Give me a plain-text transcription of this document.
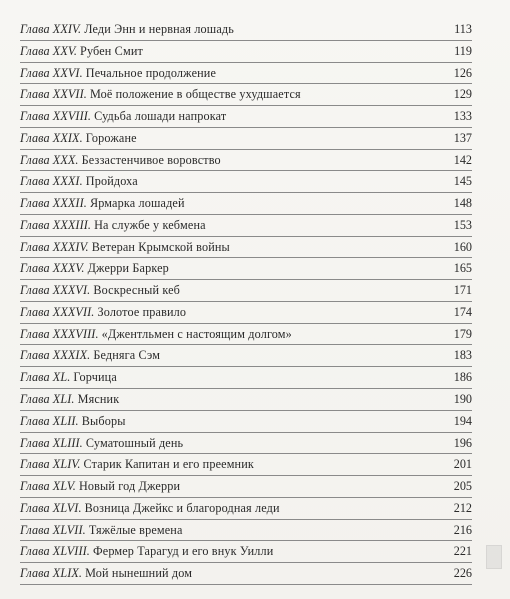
Глава XXIV. Леди Энн и нервная лошадь	113
Глава XXV. Рубен Смит	119
Глава XXVI. Печальное продолжение	126
Глава XXVII. Моё положение в обществе ухудшается	129
Глава XXVIII. Судьба лошади напрокат	133
Глава XXIX. Горожане	137
Глава XXX. Беззастенчивое воровство	142
Глава XXXI. Пройдоха	145
Глава XXXII. Ярмарка лошадей	148
Глава XXXIII. На службе у кебмена	153
Глава XXXIV. Ветеран Крымской войны	160
Глава XXXV. Джерри Баркер	165
Глава XXXVI. Воскресный кеб	171
Глава XXXVII. Золотое правило	174
Глава XXXVIII. «Джентльмен с настоящим долгом»	179
Глава XXXIX. Бедняга Сэм	183
Глава XL. Горчица	186
Глава XLI. Мясник	190
Глава XLII. Выборы	194
Глава XLIII. Суматошный день	196
Глава XLIV. Старик Капитан и его преемник	201
Глава XLV. Новый год Джерри	205
Глава XLVI. Возница Джейкс и благородная леди	212
Глава XLVII. Тяжёлые времена	216
Глава XLVIII. Фермер Тарагуд и его внук Уилли	221
Глава XLIX. Мой нынешний дом	226
